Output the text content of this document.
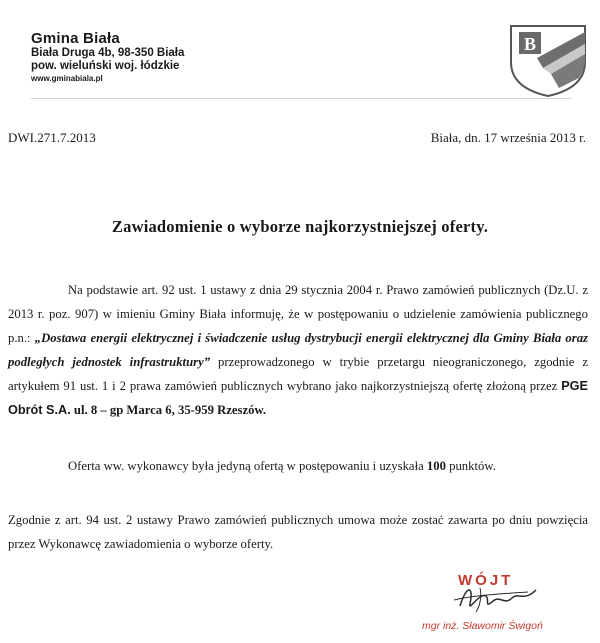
Gmina Biała
Biała Druga 4b, 98-350 Biała
pow. wieluński woj. łódzkie
www.gminabiala.pl
B
DWI.271.7.2013	Biała, dn. 17 września 2013 r.
Zawiadomienie o wyborze najkorzystniejszej oferty.
Na podstawie art. 92 ust. 1 ustawy z dnia 29 stycznia 2004 r. Prawo zamówień publicznych (Dz.U. z 2013 r. poz. 907) w imieniu Gminy Biała informuję, że w postępowaniu o udzielenie zamówienia publicznego p.n.: „Dostawa energii elektrycznej i świadczenie usług dystrybucji energii elektrycznej dla Gminy Biała oraz podległych jednostek infrastruktury” przeprowadzonego w trybie przetargu nieograniczonego, zgodnie z artykułem 91 ust. 1 i 2 prawa zamówień publicznych wybrano jako najkorzystniejszą ofertę złożoną przez PGE Obrót S.A. ul. 8 – gp Marca 6, 35-959 Rzeszów.
Oferta ww. wykonawcy była jedyną ofertą w postępowaniu i uzyskała 100 punktów.
Zgodnie z art. 94 ust. 2 ustawy Prawo zamówień publicznych umowa może zostać zawarta po dniu powzięcia przez Wykonawcę zawiadomienia o wyborze oferty.
WÓJT
mgr inż. Sławomir Świgoń
